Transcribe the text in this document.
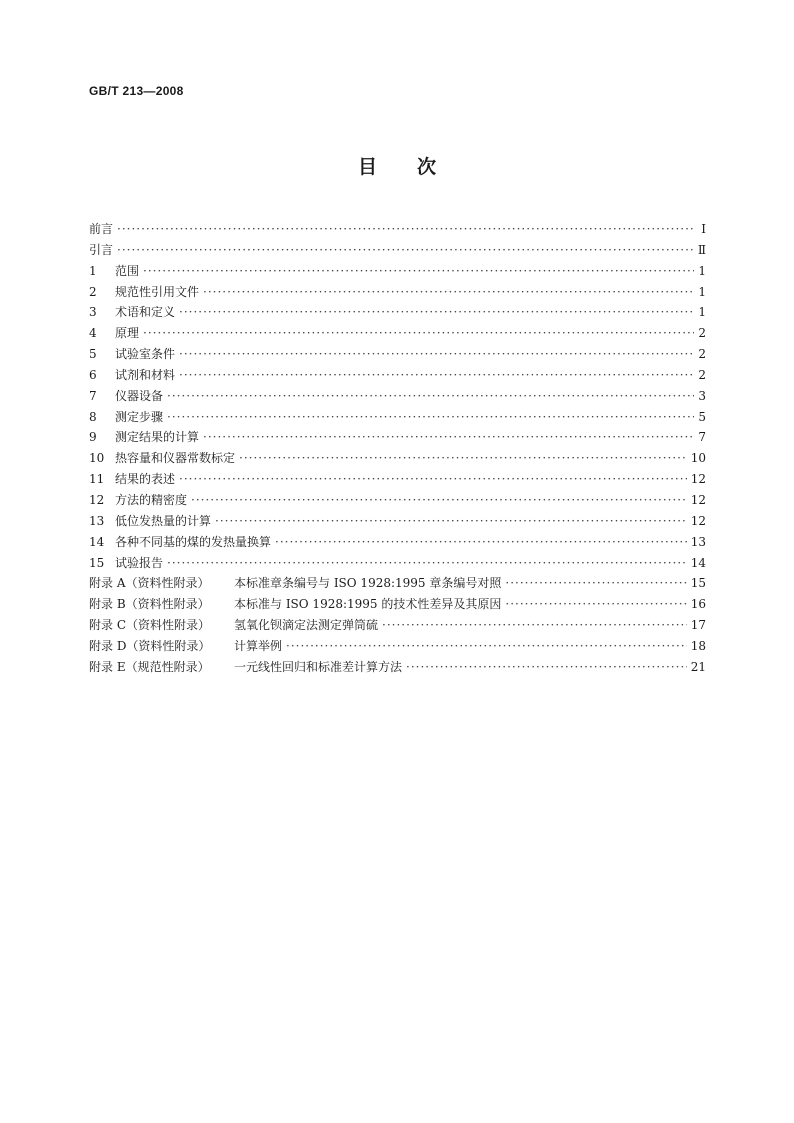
GB/T 213—2008
目 次
前言 ·····	Ⅰ
引言 ·····	Ⅱ
1	范围 ·····	1
2	规范性引用文件 ·····	1
3	术语和定义 ·····	1
4	原理 ·····	2
5	试验室条件 ·····	2
6	试剂和材料 ·····	2
7	仪器设备 ·····	3
8	测定步骤 ·····	5
9	测定结果的计算 ·····	7
10 热容量和仪器常数标定 ·····	10
11 结果的表述 ·····	12
12 方法的精密度 ·····	12
13 低位发热量的计算 ·····	12
14 各种不同基的煤的发热量换算 ·····	13
15 试验报告 ·····	14
附录 A（资料性附录）	本标准章条编号与 ISO 1928:1995 章条编号对照 ·····	15
附录 B（资料性附录）	本标准与 ISO 1928:1995 的技术性差异及其原因 ·····	16
附录 C（资料性附录）	氢氧化钡滴定法测定弹筒硫 ·····	17
附录 D（资料性附录）	计算举例 ·····	18
附录 E（规范性附录）	一元线性回归和标准差计算方法 ·····	21
